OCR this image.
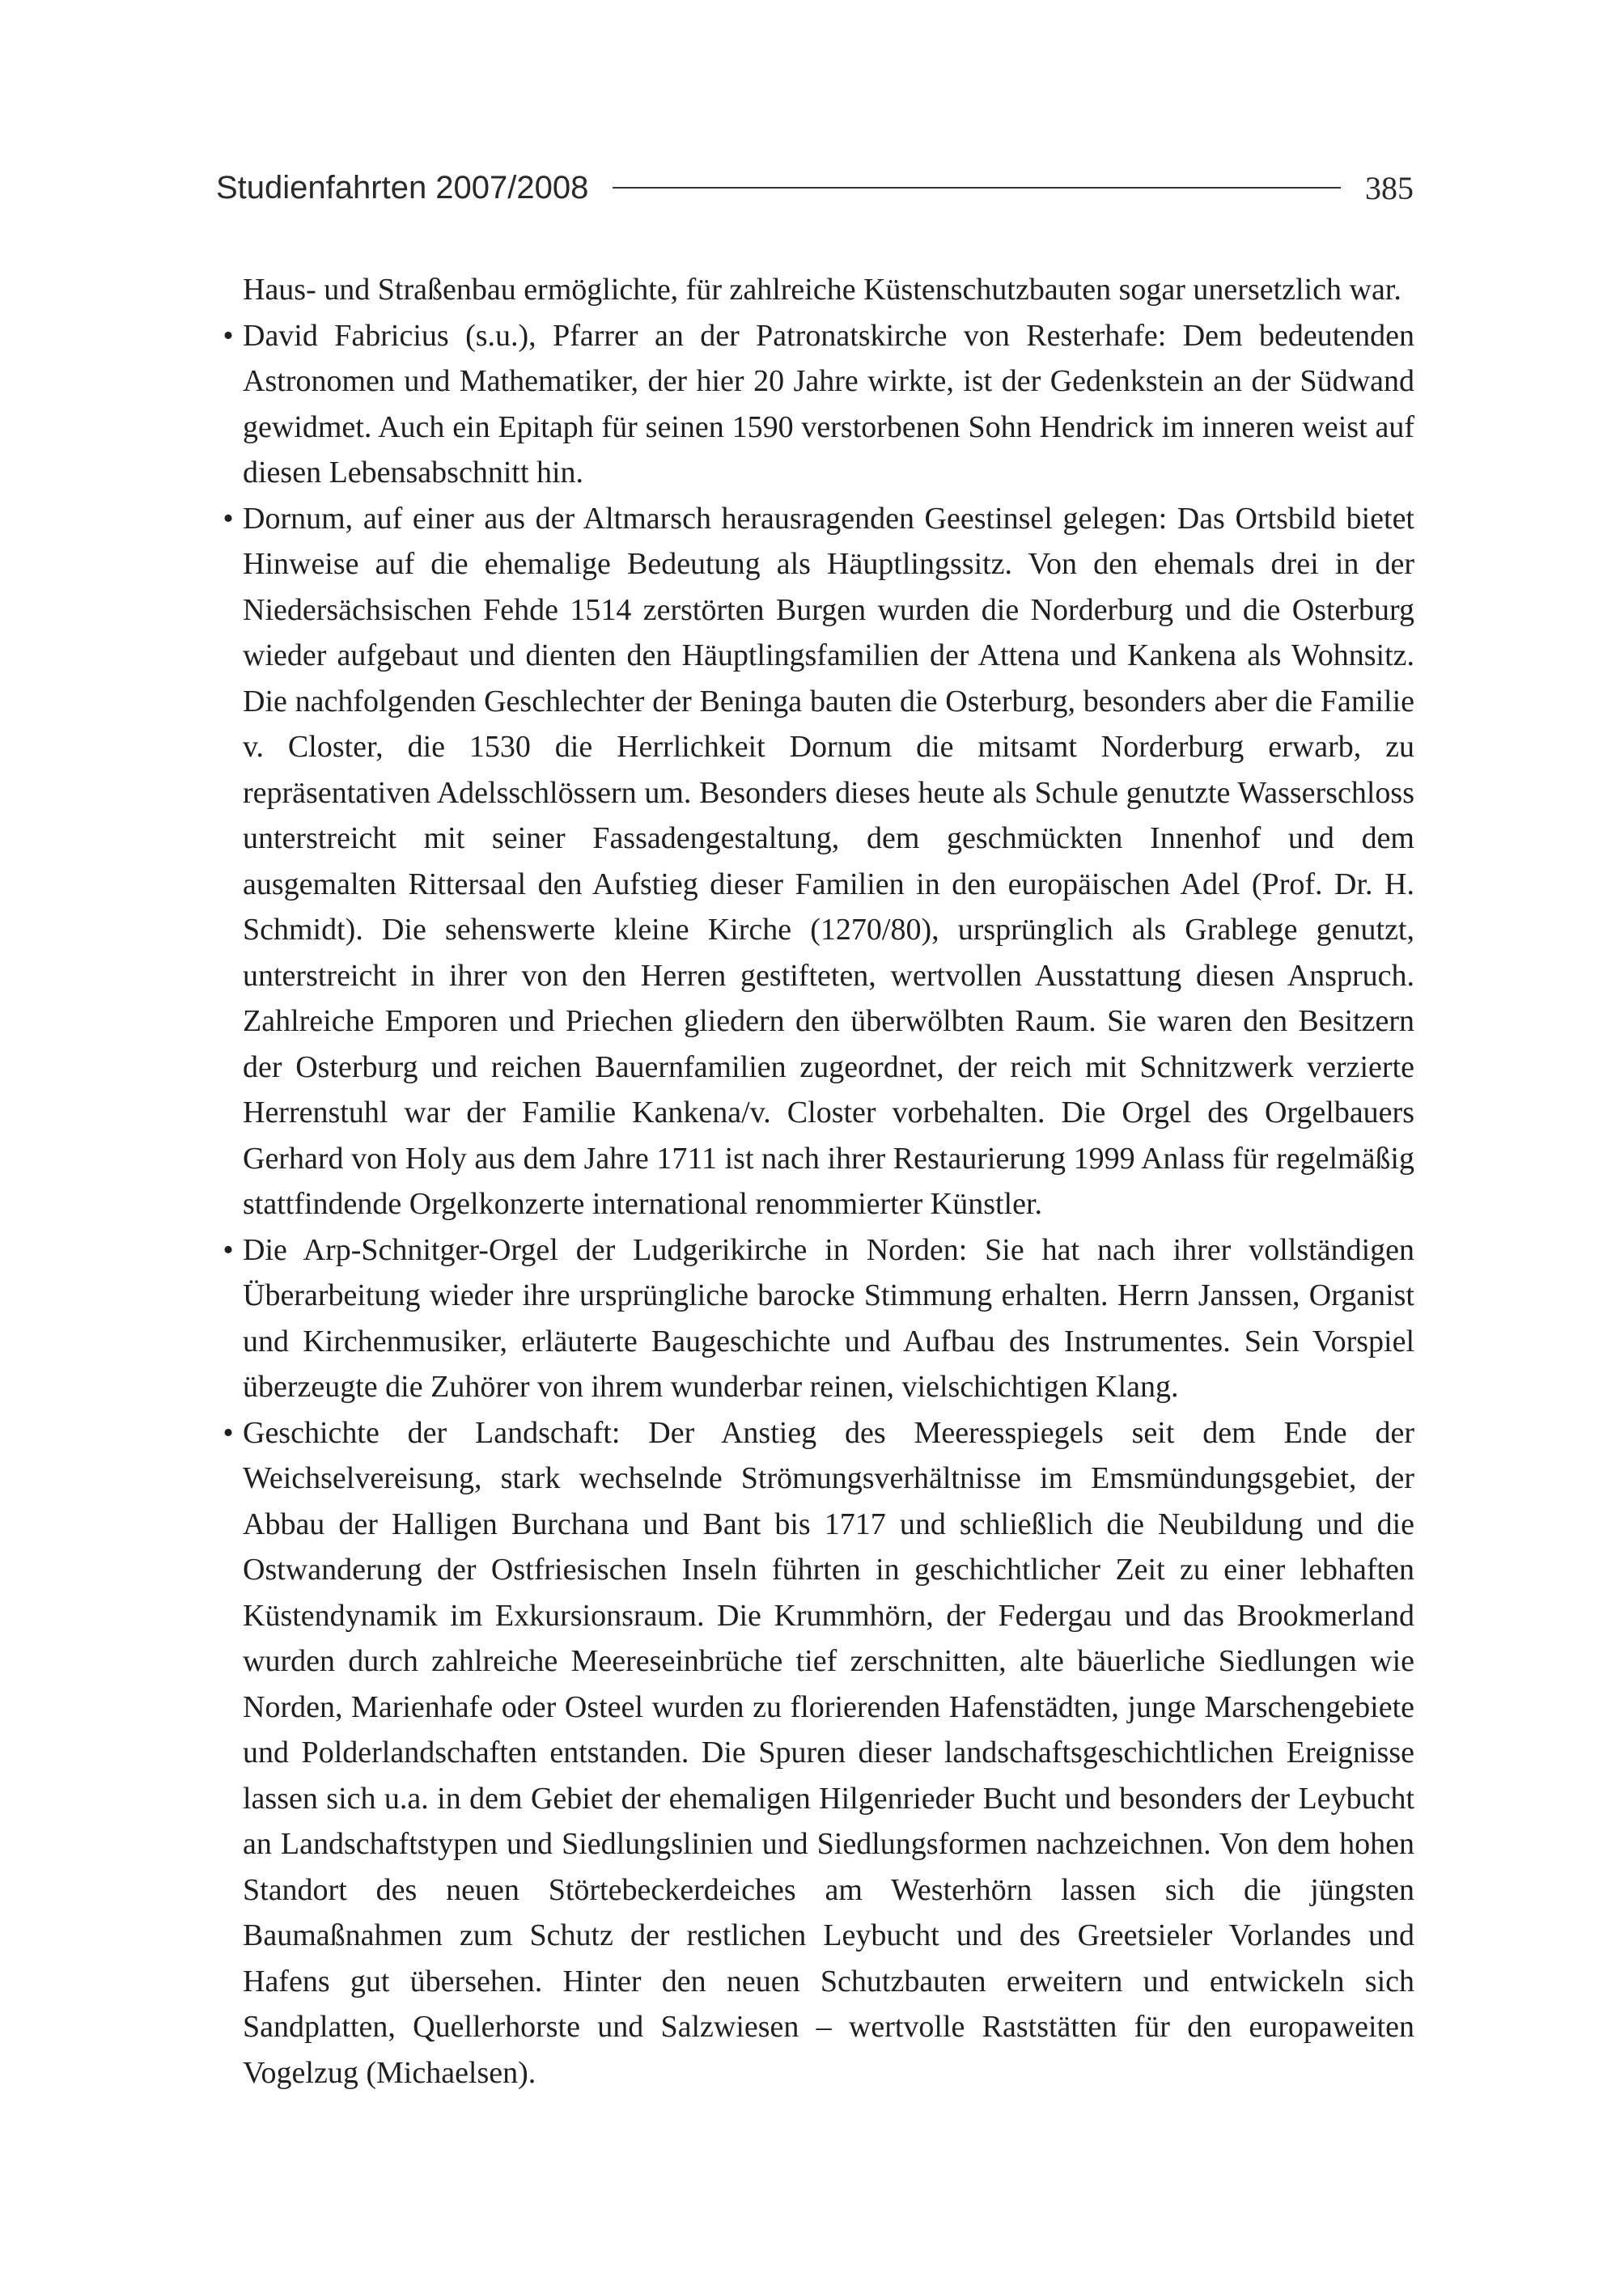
Studienfahrten 2007/2008	385

Haus- und Straßenbau ermöglichte, für zahlreiche Küstenschutzbauten sogar unersetzlich war.

• David Fabricius (s.u.), Pfarrer an der Patronatskirche von Resterhafe: Dem bedeutenden Astronomen und Mathematiker, der hier 20 Jahre wirkte, ist der Gedenkstein an der Südwand gewidmet. Auch ein Epitaph für seinen 1590 verstorbenen Sohn Hendrick im inneren weist auf diesen Lebensabschnitt hin.

• Dornum, auf einer aus der Altmarsch herausragenden Geestinsel gelegen: Das Ortsbild bietet Hinweise auf die ehemalige Bedeutung als Häuptlingssitz. Von den ehemals drei in der Niedersächsischen Fehde 1514 zerstörten Burgen wurden die Norderburg und die Osterburg wieder aufgebaut und dienten den Häuptlingsfamilien der Attena und Kankena als Wohnsitz. Die nachfolgenden Geschlechter der Beninga bauten die Osterburg, besonders aber die Familie v. Closter, die 1530 die Herrlichkeit Dornum die mitsamt Norderburg erwarb, zu repräsentativen Adelsschlössern um. Besonders dieses heute als Schule genutzte Wasserschloss unterstreicht mit seiner Fassadengestaltung, dem geschmückten Innenhof und dem ausgemalten Rittersaal den Aufstieg dieser Familien in den europäischen Adel (Prof. Dr. H. Schmidt). Die sehenswerte kleine Kirche (1270/80), ursprünglich als Grablege genutzt, unterstreicht in ihrer von den Herren gestifteten, wertvollen Ausstattung diesen Anspruch. Zahlreiche Emporen und Priechen gliedern den überwölbten Raum. Sie waren den Besitzern der Osterburg und reichen Bauernfamilien zugeordnet, der reich mit Schnitzwerk verzierte Herrenstuhl war der Familie Kankena/v. Closter vorbehalten. Die Orgel des Orgelbauers Gerhard von Holy aus dem Jahre 1711 ist nach ihrer Restaurierung 1999 Anlass für regelmäßig stattfindende Orgelkonzerte international renommierter Künstler.

• Die Arp-Schnitger-Orgel der Ludgerikirche in Norden: Sie hat nach ihrer vollständigen Überarbeitung wieder ihre ursprüngliche barocke Stimmung erhalten. Herrn Janssen, Organist und Kirchenmusiker, erläuterte Baugeschichte und Aufbau des Instrumentes. Sein Vorspiel überzeugte die Zuhörer von ihrem wunderbar reinen, vielschichtigen Klang.

• Geschichte der Landschaft: Der Anstieg des Meeresspiegels seit dem Ende der Weichselvereisung, stark wechselnde Strömungsverhältnisse im Emsmündungsgebiet, der Abbau der Halligen Burchana und Bant bis 1717 und schließlich die Neubildung und die Ostwanderung der Ostfriesischen Inseln führten in geschichtlicher Zeit zu einer lebhaften Küstendynamik im Exkursionsraum. Die Krummhörn, der Federgau und das Brookmerland wurden durch zahlreiche Meereseinbrüche tief zerschnitten, alte bäuerliche Siedlungen wie Norden, Marienhafe oder Osteel wurden zu florierenden Hafenstädten, junge Marschengebiete und Polderlandschaften entstanden. Die Spuren dieser landschaftsgeschichtlichen Ereignisse lassen sich u.a. in dem Gebiet der ehemaligen Hilgenrieder Bucht und besonders der Leybucht an Landschaftstypen und Siedlungslinien und Siedlungsformen nachzeichnen. Von dem hohen Standort des neuen Störtebeckerdeiches am Westerhörn lassen sich die jüngsten Baumaßnahmen zum Schutz der restlichen Leybucht und des Greetsieler Vorlandes und Hafens gut übersehen. Hinter den neuen Schutzbauten erweitern und entwickeln sich Sandplatten, Quellerhorste und Salzwiesen – wertvolle Raststätten für den europaweiten Vogelzug (Michaelsen).
